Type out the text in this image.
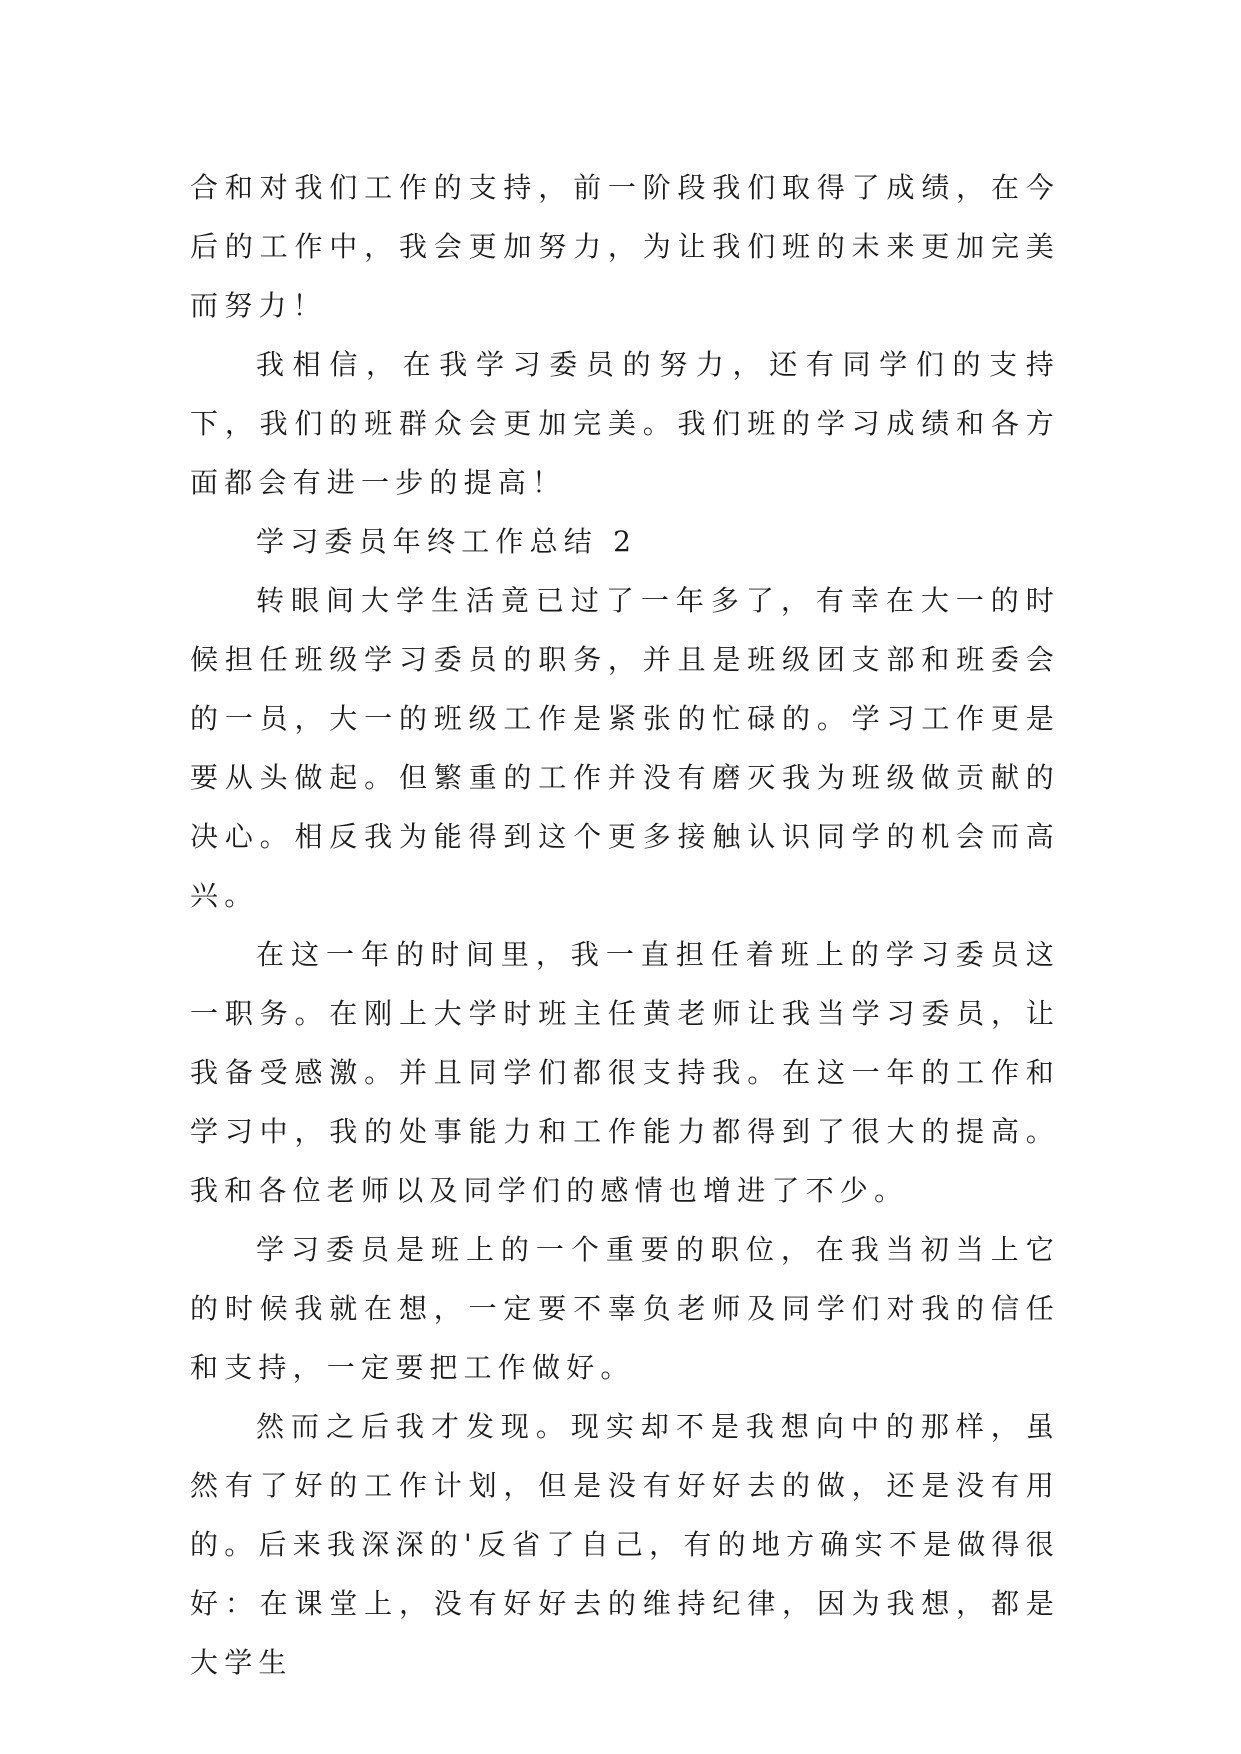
合和对我们工作的支持，前一阶段我们取得了成绩，在今后的工作中，我会更加努力，为让我们班的未来更加完美而努力！

我相信，在我学习委员的努力，还有同学们的支持下，我们的班群众会更加完美。我们班的学习成绩和各方面都会有进一步的提高！

学习委员年终工作总结 2

转眼间大学生活竟已过了一年多了，有幸在大一的时候担任班级学习委员的职务，并且是班级团支部和班委会的一员，大一的班级工作是紧张的忙碌的。学习工作更是要从头做起。但繁重的工作并没有磨灭我为班级做贡献的决心。相反我为能得到这个更多接触认识同学的机会而高兴。

在这一年的时间里，我一直担任着班上的学习委员这一职务。在刚上大学时班主任黄老师让我当学习委员，让我备受感激。并且同学们都很支持我。在这一年的工作和学习中，我的处事能力和工作能力都得到了很大的提高。我和各位老师以及同学们的感情也增进了不少。

学习委员是班上的一个重要的职位，在我当初当上它的时候我就在想，一定要不辜负老师及同学们对我的信任和支持，一定要把工作做好。

然而之后我才发现。现实却不是我想向中的那样，虽然有了好的工作计划，但是没有好好去的做，还是没有用的。后来我深深的'反省了自己，有的地方确实不是做得很好：在课堂上，没有好好去的维持纪律，因为我想，都是大学生
